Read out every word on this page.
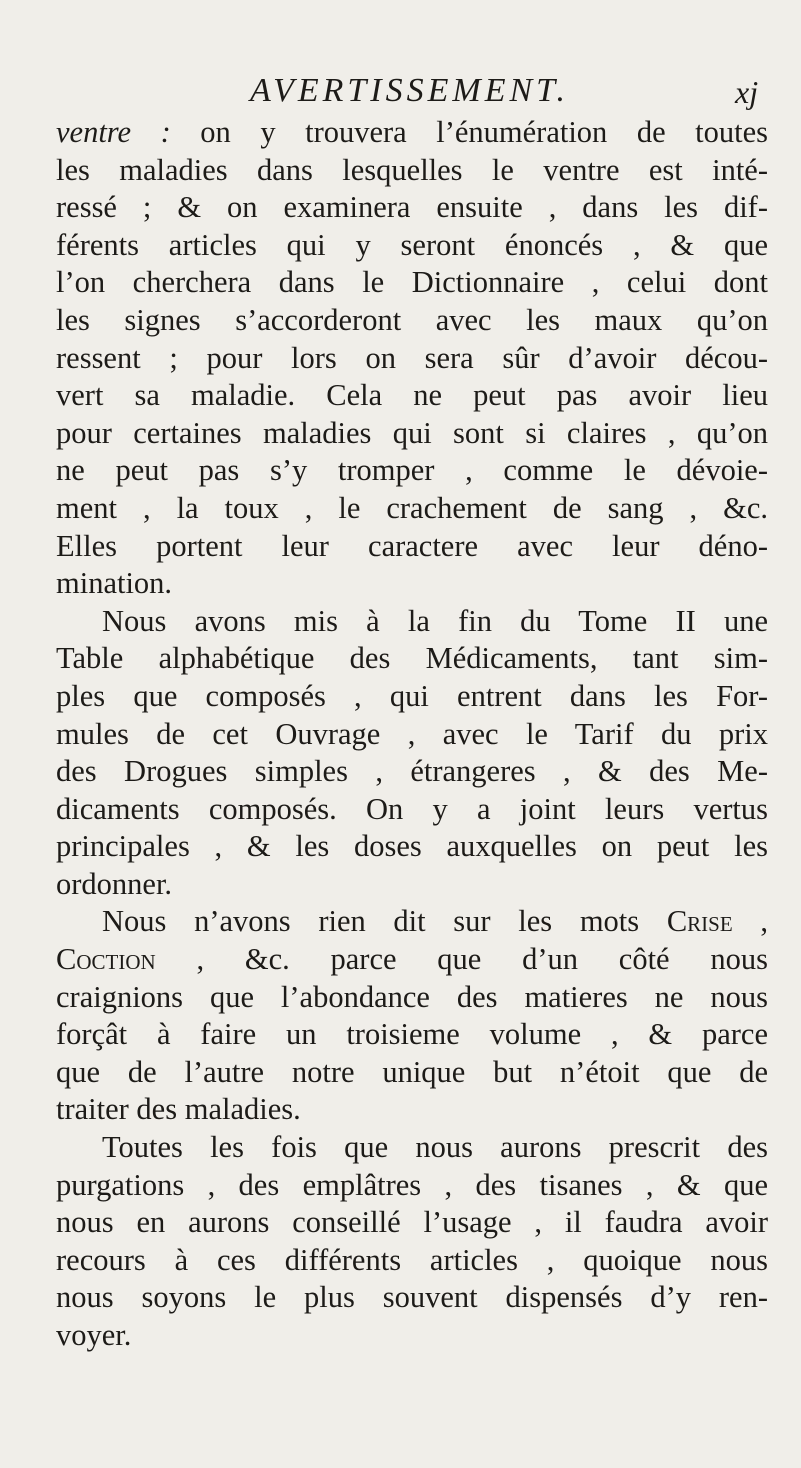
AVERTISSEMENT.	xj
ventre : on y trouvera l’énumération de toutes
les maladies dans lesquelles le ventre est inté-
ressé ; & on examinera ensuite , dans les dif-
férents articles qui y seront énoncés , & que
l’on cherchera dans le Dictionnaire , celui dont
les signes s’accorderont avec les maux qu’on
ressent ; pour lors on sera sûr d’avoir décou-
vert sa maladie. Cela ne peut pas avoir lieu
pour certaines maladies qui sont si claires , qu’on
ne peut pas s’y tromper , comme le dévoie-
ment , la toux , le crachement de sang , &c.
Elles portent leur caractere avec leur déno-
mination.
Nous avons mis à la fin du Tome II une
Table alphabétique des Médicaments, tant sim-
ples que composés , qui entrent dans les For-
mules de cet Ouvrage , avec le Tarif du prix
des Drogues simples , étrangeres , & des Me-
dicaments composés. On y a joint leurs vertus
principales , & les doses auxquelles on peut les
ordonner.
Nous n’avons rien dit sur les mots Crise ,
Coction , &c. parce que d’un côté nous
craignions que l’abondance des matieres ne nous
forçât à faire un troisieme volume , & parce
que de l’autre notre unique but n’étoit que de
traiter des maladies.
Toutes les fois que nous aurons prescrit des
purgations , des emplâtres , des tisanes , & que
nous en aurons conseillé l’usage , il faudra avoir
recours à ces différents articles , quoique nous
nous soyons le plus souvent dispensés d’y ren-
voyer.
